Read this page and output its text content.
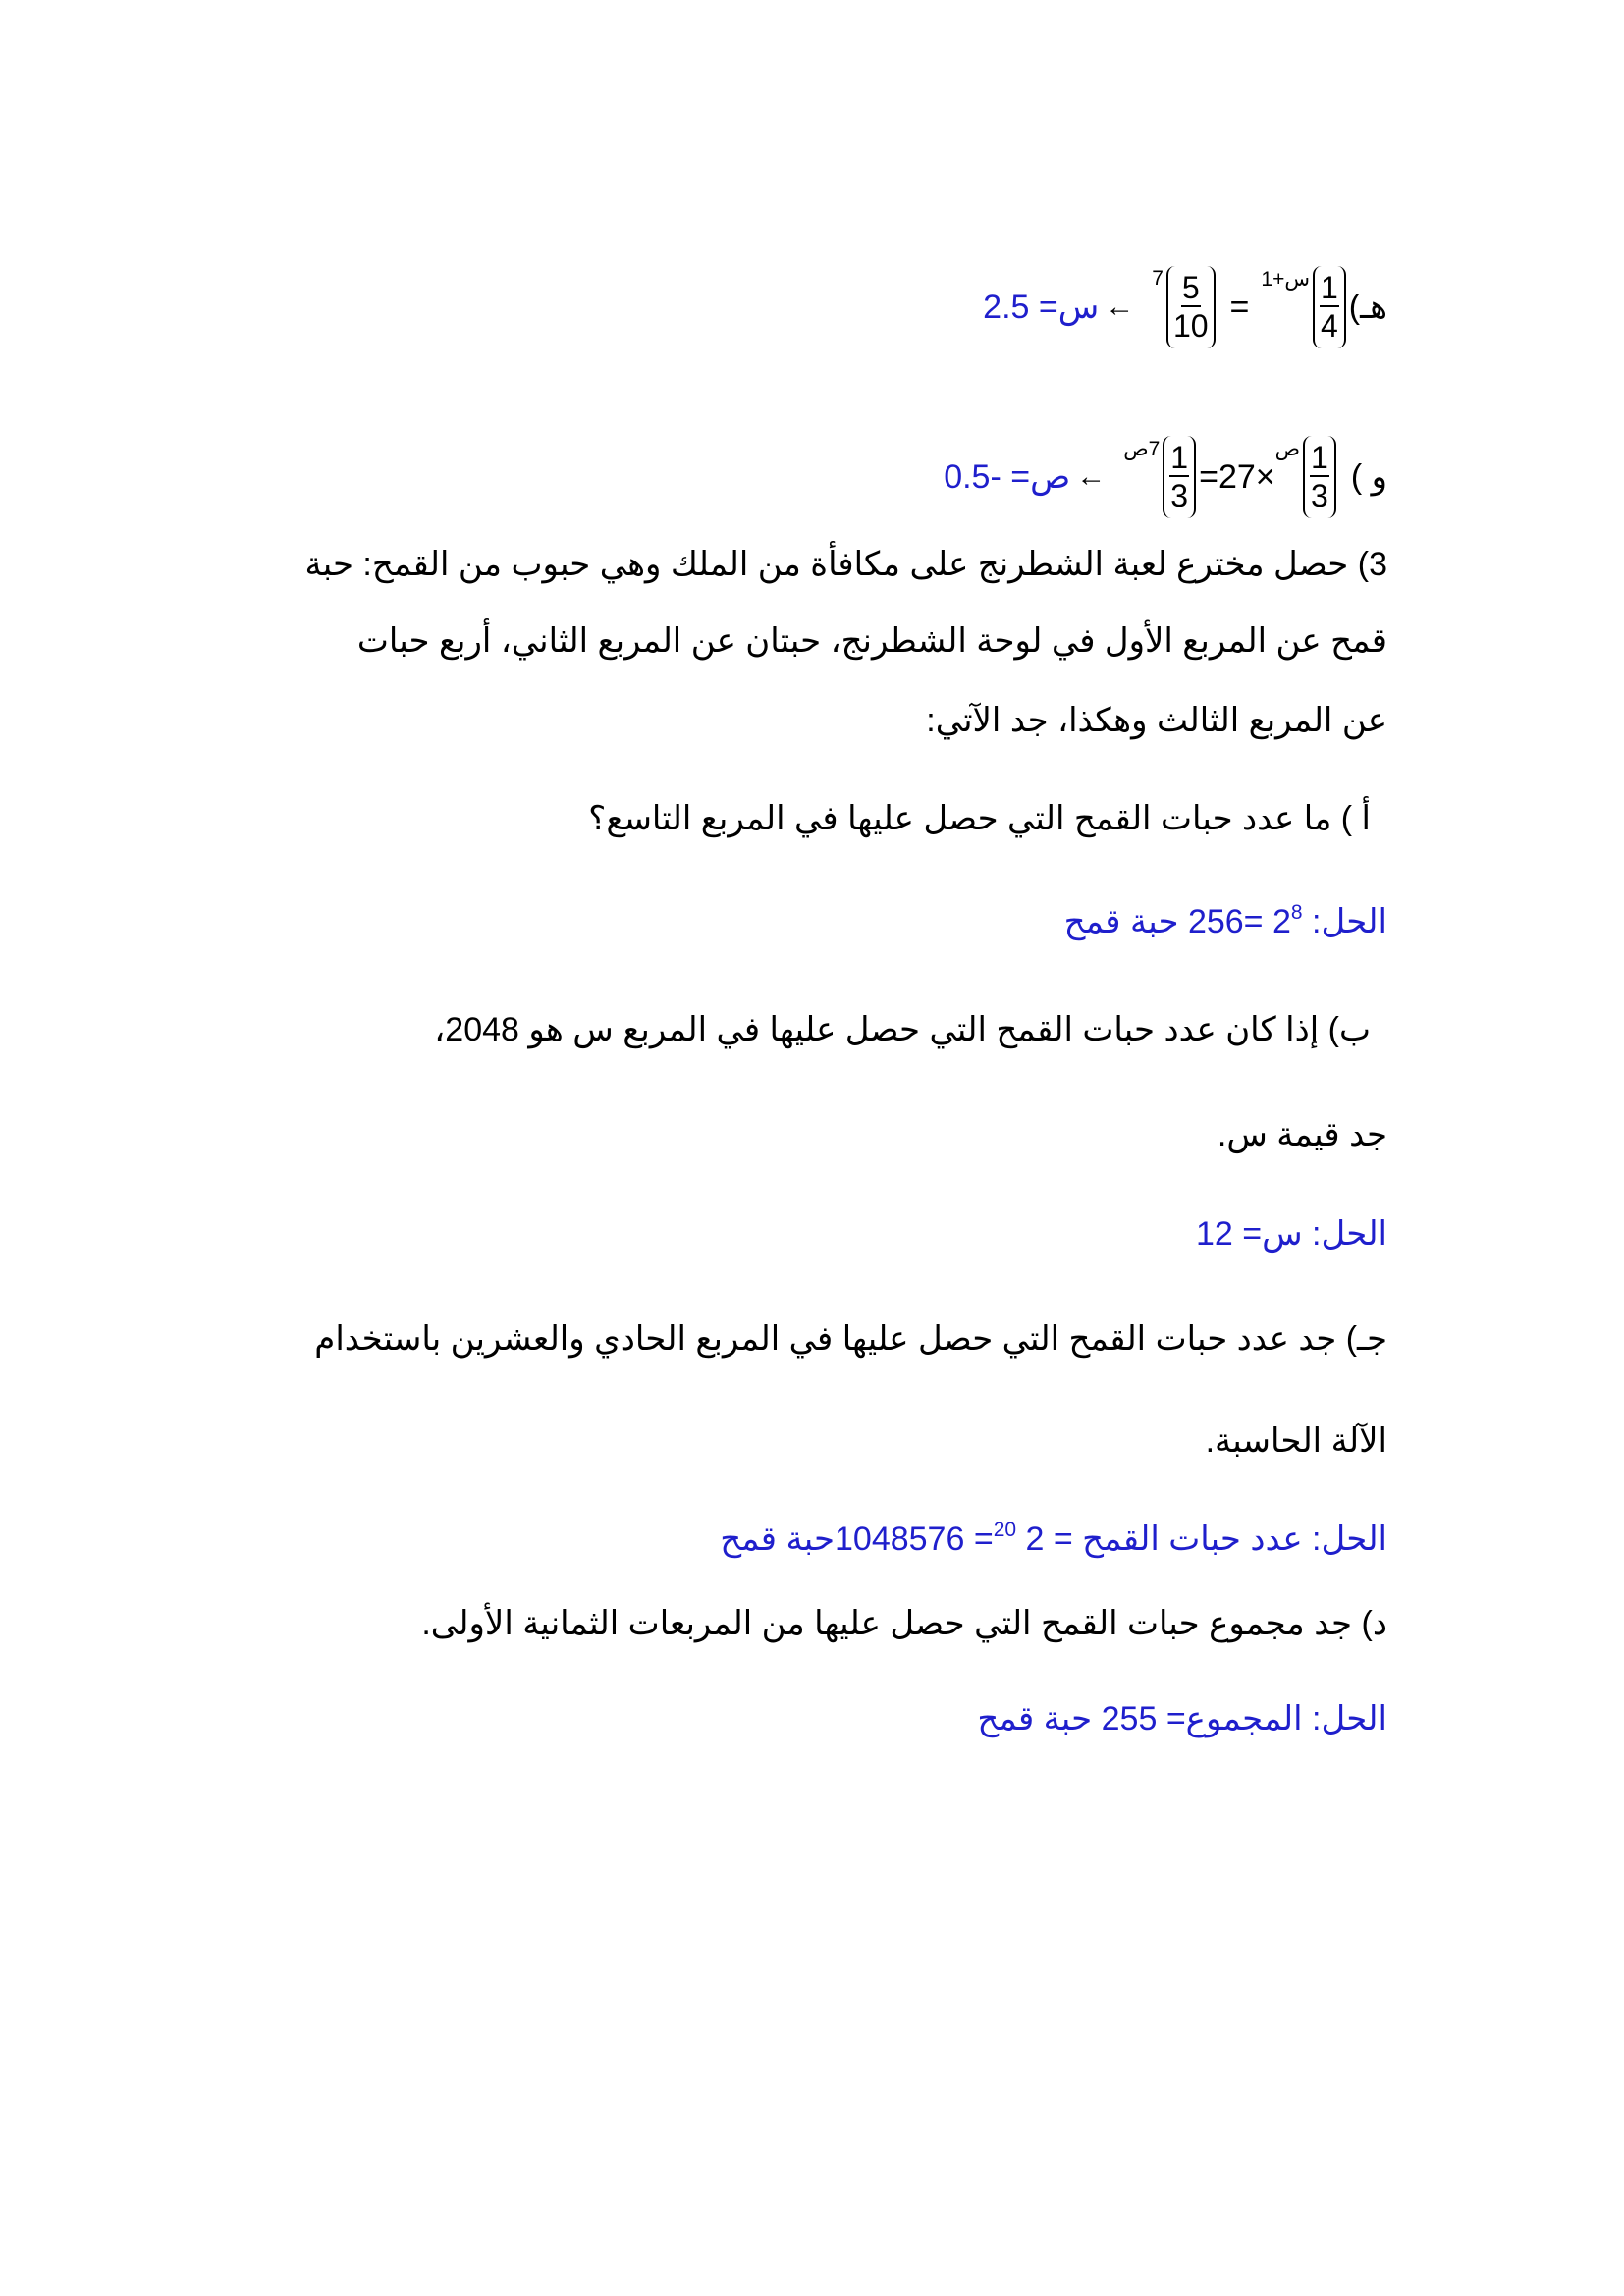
هـ)
$\frac{1}{4}$
س+1
=
$\frac{5}{10}$
7
←
س= 2.5
و )
$\frac{1}{3}$
ص
×27=
$\frac{1}{3}$
7ص
←
ص= -0.5
3) حصل مخترع لعبة الشطرنج على مكافأة من الملك وهي حبوب من القمح: حبة
قمح عن المربع الأول في لوحة الشطرنج، حبتان عن المربع الثاني، أربع حبات
عن المربع الثالث وهكذا، جد الآتي:
أ ) ما عدد حبات القمح التي حصل عليها في المربع التاسع؟
الحل: $2^8 =256$ حبة قمح
ب) إذا كان عدد حبات القمح التي حصل عليها في المربع س هو 2048،
جد قيمة س.
الحل: س= 12
جـ) جد عدد حبات القمح التي حصل عليها في المربع الحادي والعشرين باستخدام
الآلة الحاسبة.
الحل: عدد حبات القمح = 2 $^{20}$= 1048576حبة قمح
د) جد مجموع حبات القمح التي حصل عليها من المربعات الثمانية الأولى.
الحل: المجموع= 255 حبة قمح
